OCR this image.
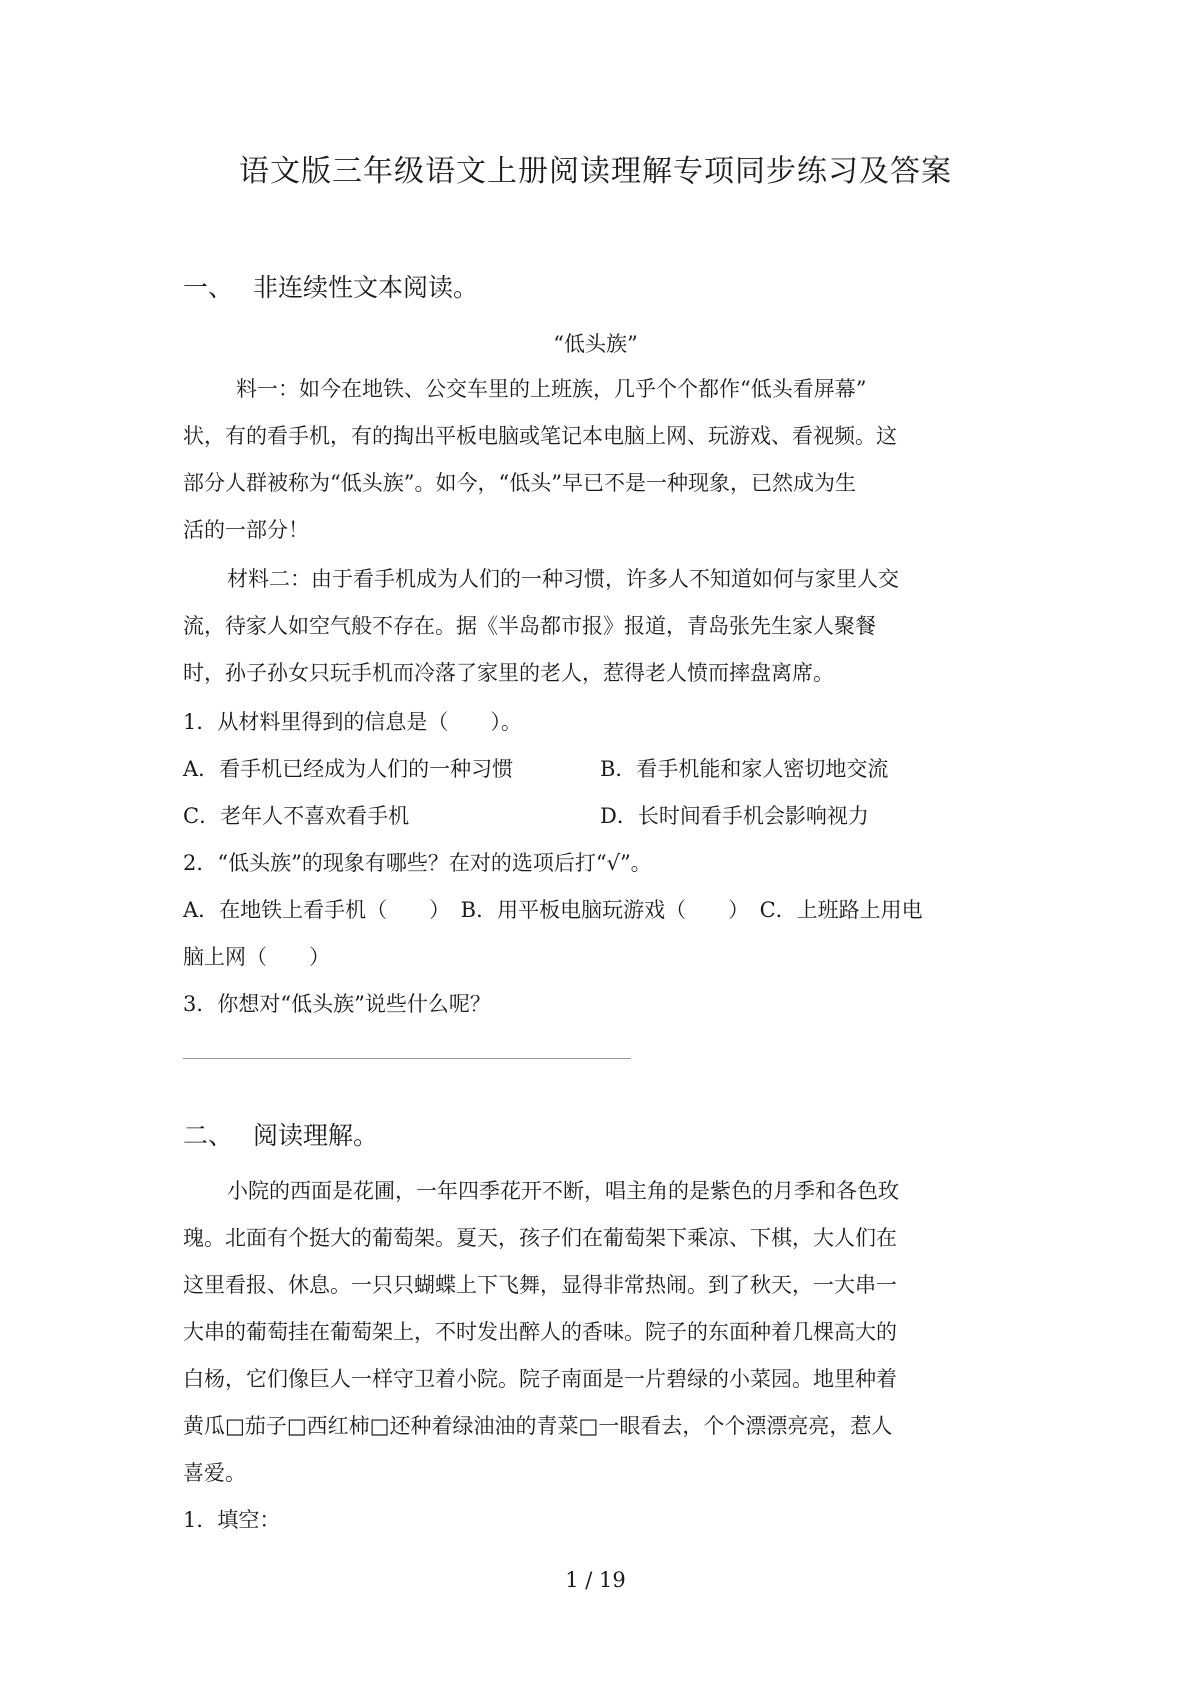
语文版三年级语文上册阅读理解专项同步练习及答案
一、 非连续性文本阅读。
“低头族”
料一：如今在地铁、公交车里的上班族，几乎个个都作“低头看屏幕”
状，有的看手机，有的掏出平板电脑或笔记本电脑上网、玩游戏、看视频。这
部分人群被称为“低头族”。如今，“低头”早已不是一种现象，已然成为生
活的一部分！
材料二：由于看手机成为人们的一种习惯，许多人不知道如何与家里人交
流，待家人如空气般不存在。据《半岛都市报》报道，青岛张先生家人聚餐
时，孙子孙女只玩手机而冷落了家里的老人，惹得老人愤而摔盘离席。
1．从材料里得到的信息是（　　）。
A．看手机已经成为人们的一种习惯	B．看手机能和家人密切地交流
C．老年人不喜欢看手机	D．长时间看手机会影响视力
2．“低头族”的现象有哪些？在对的选项后打“√”。
A．在地铁上看手机（　　）　B．用平板电脑玩游戏（　　）　C．上班路上用电
脑上网（　　）
3．你想对“低头族”说些什么呢？
二、 阅读理解。
小院的西面是花圃，一年四季花开不断，唱主角的是紫色的月季和各色玫
瑰。北面有个挺大的葡萄架。夏天，孩子们在葡萄架下乘凉、下棋，大人们在
这里看报、休息。一只只蝴蝶上下飞舞，显得非常热闹。到了秋天，一大串一
大串的葡萄挂在葡萄架上，不时发出醉人的香味。院子的东面种着几棵高大的
白杨，它们像巨人一样守卫着小院。院子南面是一片碧绿的小菜园。地里种着
黄瓜□茄子□西红柿□还种着绿油油的青菜□一眼看去，个个漂漂亮亮，惹人
喜爱。
1．填空：
1 / 19
